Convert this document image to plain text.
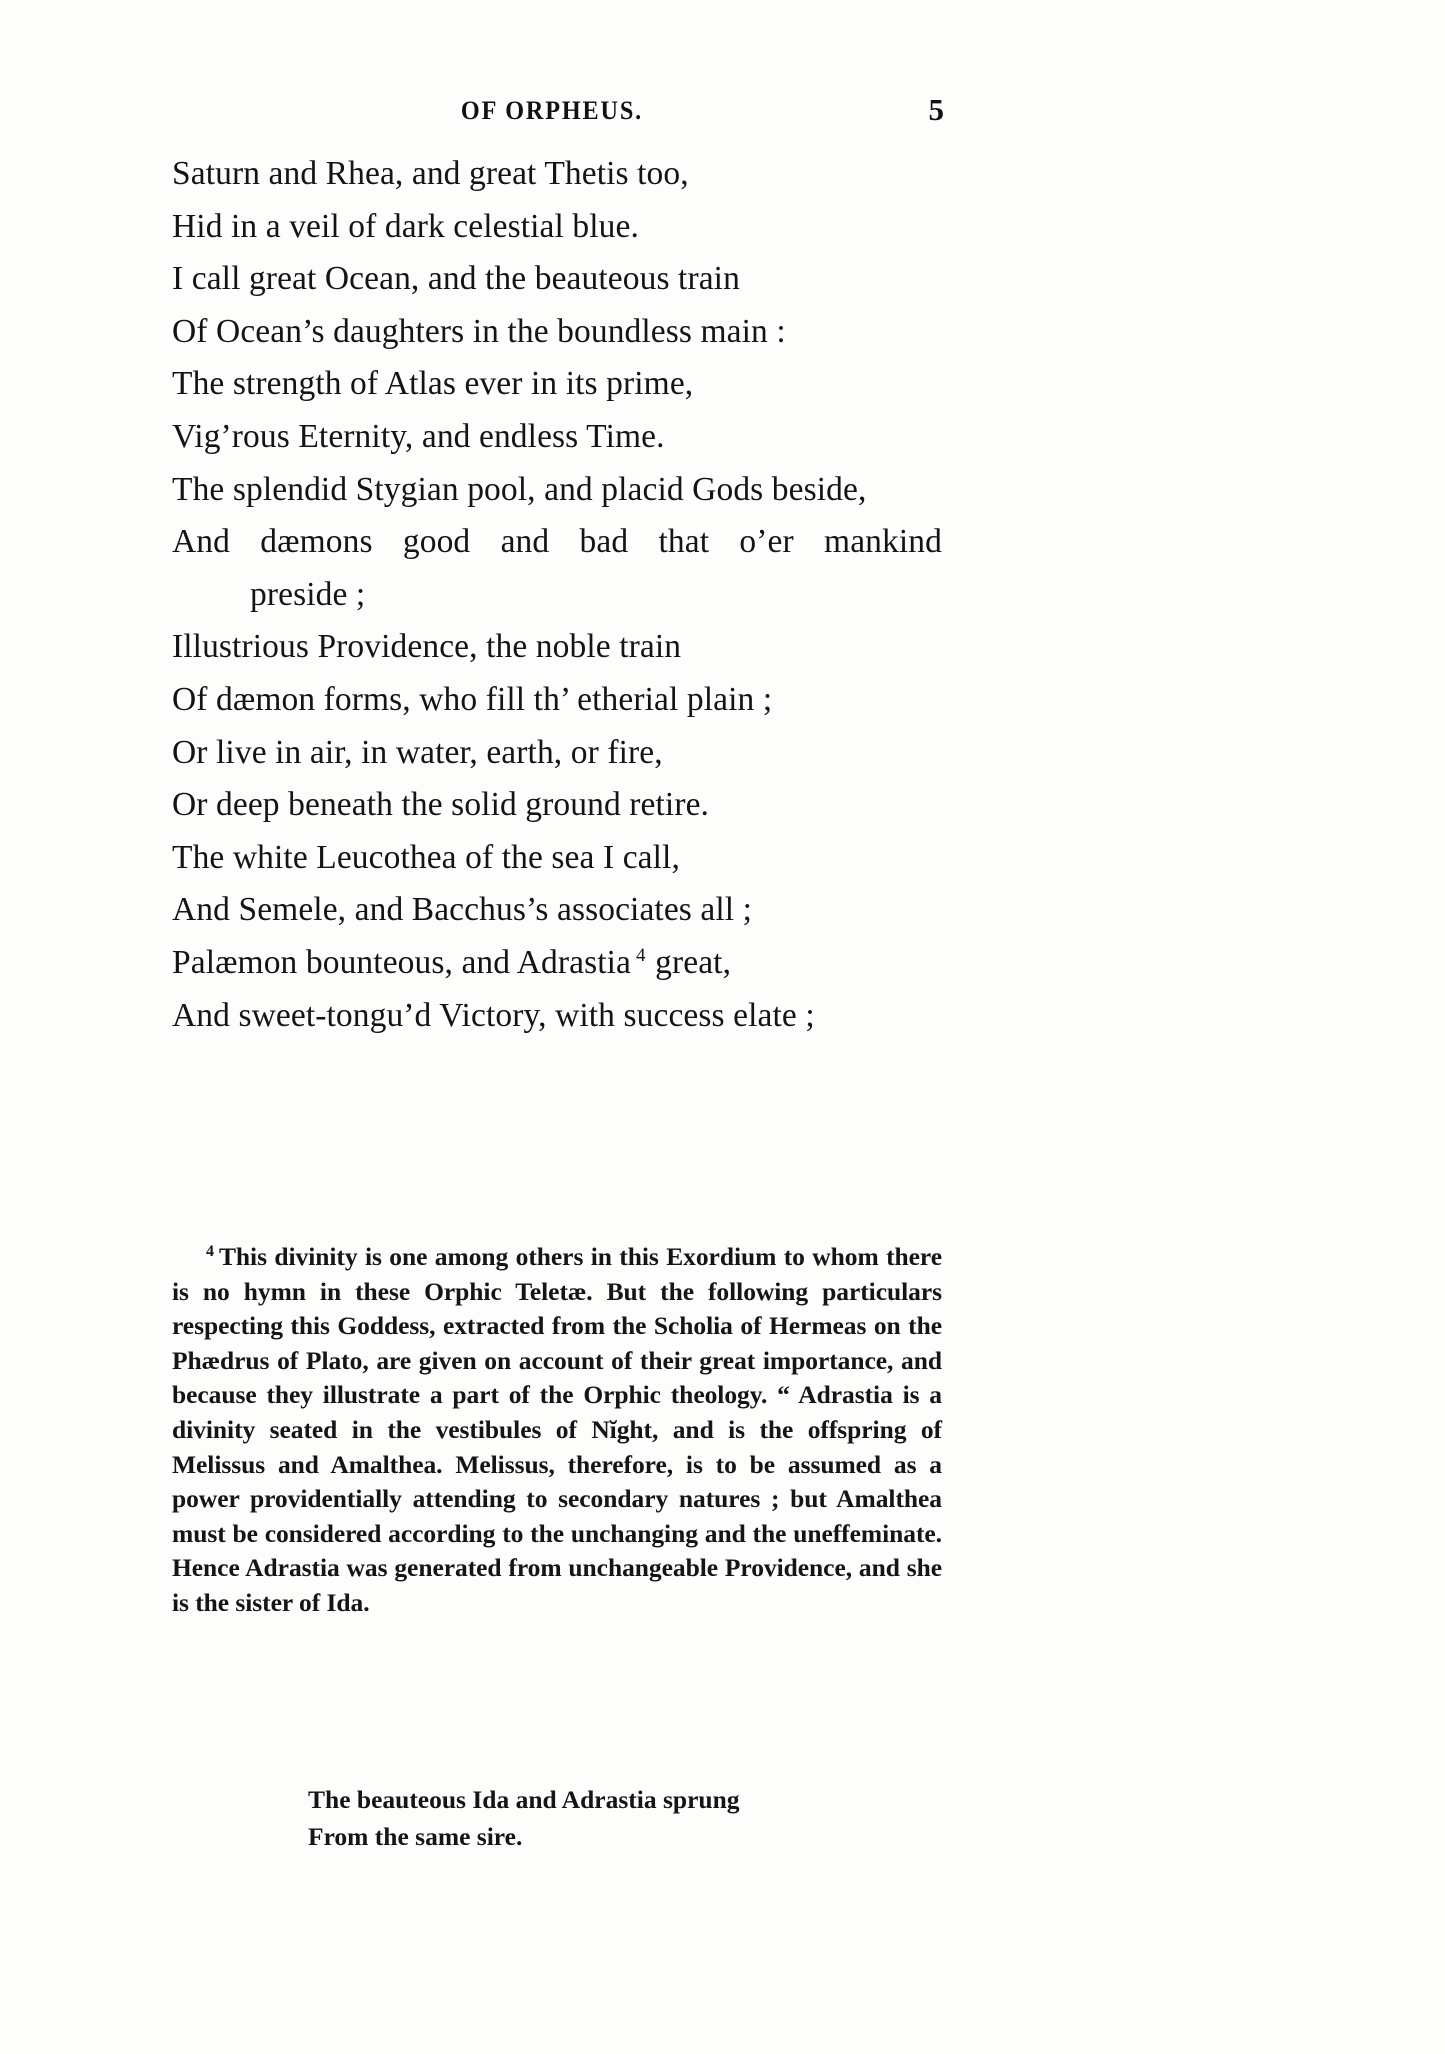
OF ORPHEUS.	5
Saturn and Rhea, and great Thetis too,
Hid in a veil of dark celestial blue.
I call great Ocean, and the beauteous train
Of Ocean’s daughters in the boundless main :
The strength of Atlas ever in its prime,
Vig’rous Eternity, and endless Time.
The splendid Stygian pool, and placid Gods beside,
And dæmons good and bad that o’er mankind
preside ;
Illustrious Providence, the noble train
Of dæmon forms, who fill th’ etherial plain ;
Or live in air, in water, earth, or fire,
Or deep beneath the solid ground retire.
The white Leucothea of the sea I call,
And Semele, and Bacchus’s associates all ;
Palæmon bounteous, and Adrastia $^4$ great,
And sweet-tongu’d Victory, with success elate ;

$^4$ This divinity is one among others in this Exordium to whom there is no hymn in these Orphic Teletæ. But the following particulars respecting this Goddess, extracted from the Scholia of Hermeas on the Phædrus of Plato, are given on account of their great importance, and because they illustrate a part of the Orphic theology. “ Adrastia is a divinity seated in the vestibules of Nĭght, and is the offspring of Melissus and Amalthea. Melissus, therefore, is to be assumed as a power providentially attending to secondary natures ; but Amalthea must be considered according to the unchanging and the uneffeminate. Hence Adrastia was generated from unchangeable Providence, and she is the sister of Ida.

The beauteous Ida and Adrastia sprung
From the same sire.
